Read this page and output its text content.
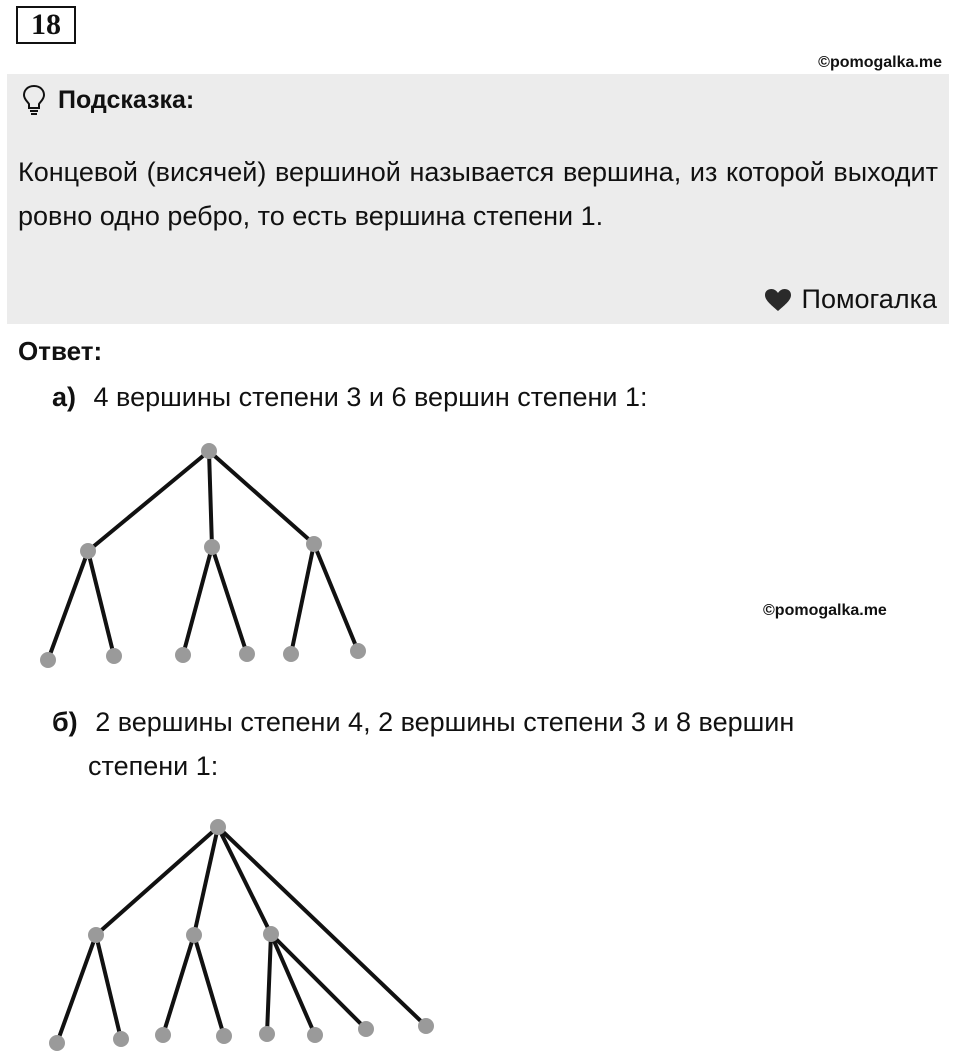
18
©pomogalka.me
Подсказка:
Концевой (висячей) вершиной называется вершина, из которой выходит ровно одно ребро, то есть вершина степени 1.
Помогалка
Ответ:
а) 4 вершины степени 3 и 6 вершин степени 1:
©pomogalka.me
б) 2 вершины степени 4, 2 вершины степени 3 и 8 вершин
степени 1:
